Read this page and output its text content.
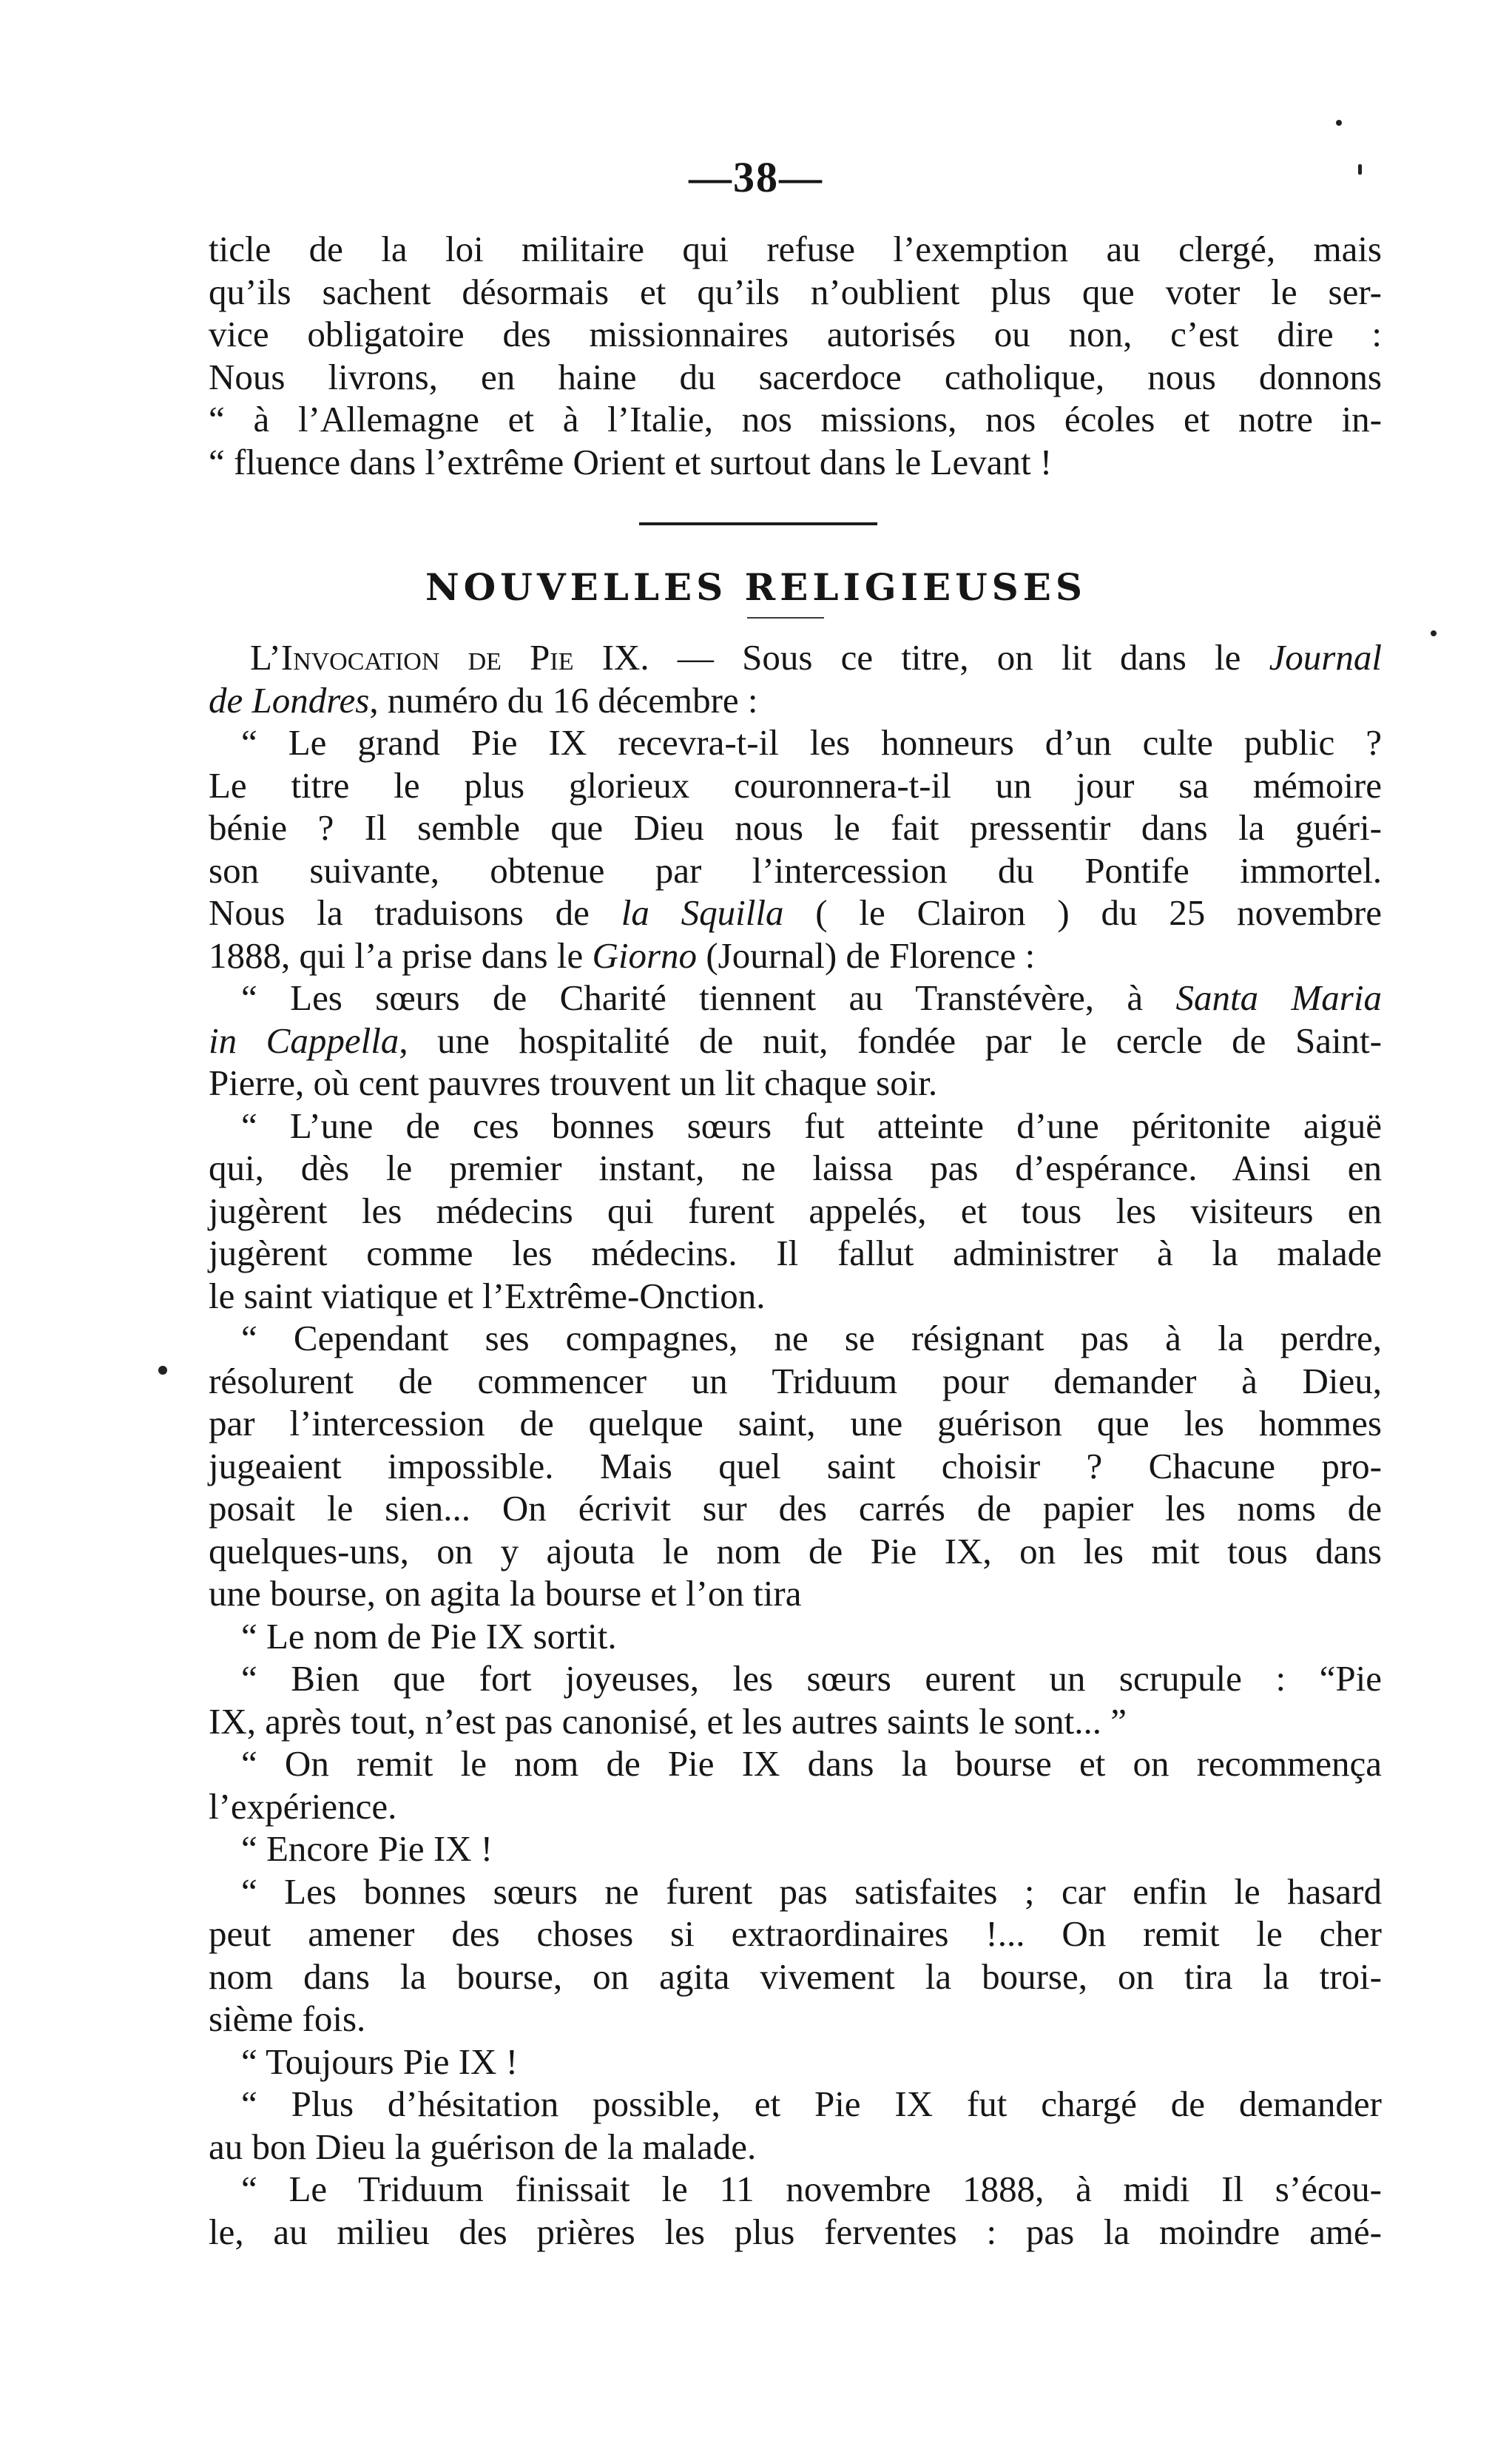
—38—
ticle de la loi militaire qui refuse l’exemption au clergé, mais
qu’ils sachent désormais et qu’ils n’oublient plus que voter le ser-
vice obligatoire des missionnaires autorisés ou non, c’est dire :
Nous livrons, en haine du sacerdoce catholique, nous donnons
“ à l’Allemagne et à l’Italie, nos missions, nos écoles et notre in-
“ fluence dans l’extrême Orient et surtout dans le Levant !
NOUVELLES RELIGIEUSES
L’Invocation de Pie IX. — Sous ce titre, on lit dans le Journal
de Londres, numéro du 16 décembre :
“ Le grand Pie IX recevra-t-il les honneurs d’un culte public ?
Le titre le plus glorieux couronnera-t-il un jour sa mémoire
bénie ? Il semble que Dieu nous le fait pressentir dans la guéri-
son suivante, obtenue par l’intercession du Pontife immortel.
Nous la traduisons de la Squilla ( le Clairon ) du 25 novembre
1888, qui l’a prise dans le Giorno (Journal) de Florence :
“ Les sœurs de Charité tiennent au Transtévère, à Santa Maria
in Cappella, une hospitalité de nuit, fondée par le cercle de Saint-
Pierre, où cent pauvres trouvent un lit chaque soir.
“ L’une de ces bonnes sœurs fut atteinte d’une péritonite aiguë
qui, dès le premier instant, ne laissa pas d’espérance. Ainsi en
jugèrent les médecins qui furent appelés, et tous les visiteurs en
jugèrent comme les médecins. Il fallut administrer à la malade
le saint viatique et l’Extrême-Onction.
“ Cependant ses compagnes, ne se résignant pas à la perdre,
résolurent de commencer un Triduum pour demander à Dieu,
par l’intercession de quelque saint, une guérison que les hommes
jugeaient impossible. Mais quel saint choisir ? Chacune pro-
posait le sien... On écrivit sur des carrés de papier les noms de
quelques-uns, on y ajouta le nom de Pie IX, on les mit tous dans
une bourse, on agita la bourse et l’on tira
“ Le nom de Pie IX sortit.
“ Bien que fort joyeuses, les sœurs eurent un scrupule : “Pie
IX, après tout, n’est pas canonisé, et les autres saints le sont... ”
“ On remit le nom de Pie IX dans la bourse et on recommença
l’expérience.
“ Encore Pie IX !
“ Les bonnes sœurs ne furent pas satisfaites ; car enfin le hasard
peut amener des choses si extraordinaires !... On remit le cher
nom dans la bourse, on agita vivement la bourse, on tira la troi-
sième fois.
“ Toujours Pie IX !
“ Plus d’hésitation possible, et Pie IX fut chargé de demander
au bon Dieu la guérison de la malade.
“ Le Triduum finissait le 11 novembre 1888, à midi Il s’écou-
le, au milieu des prières les plus ferventes : pas la moindre amé-
